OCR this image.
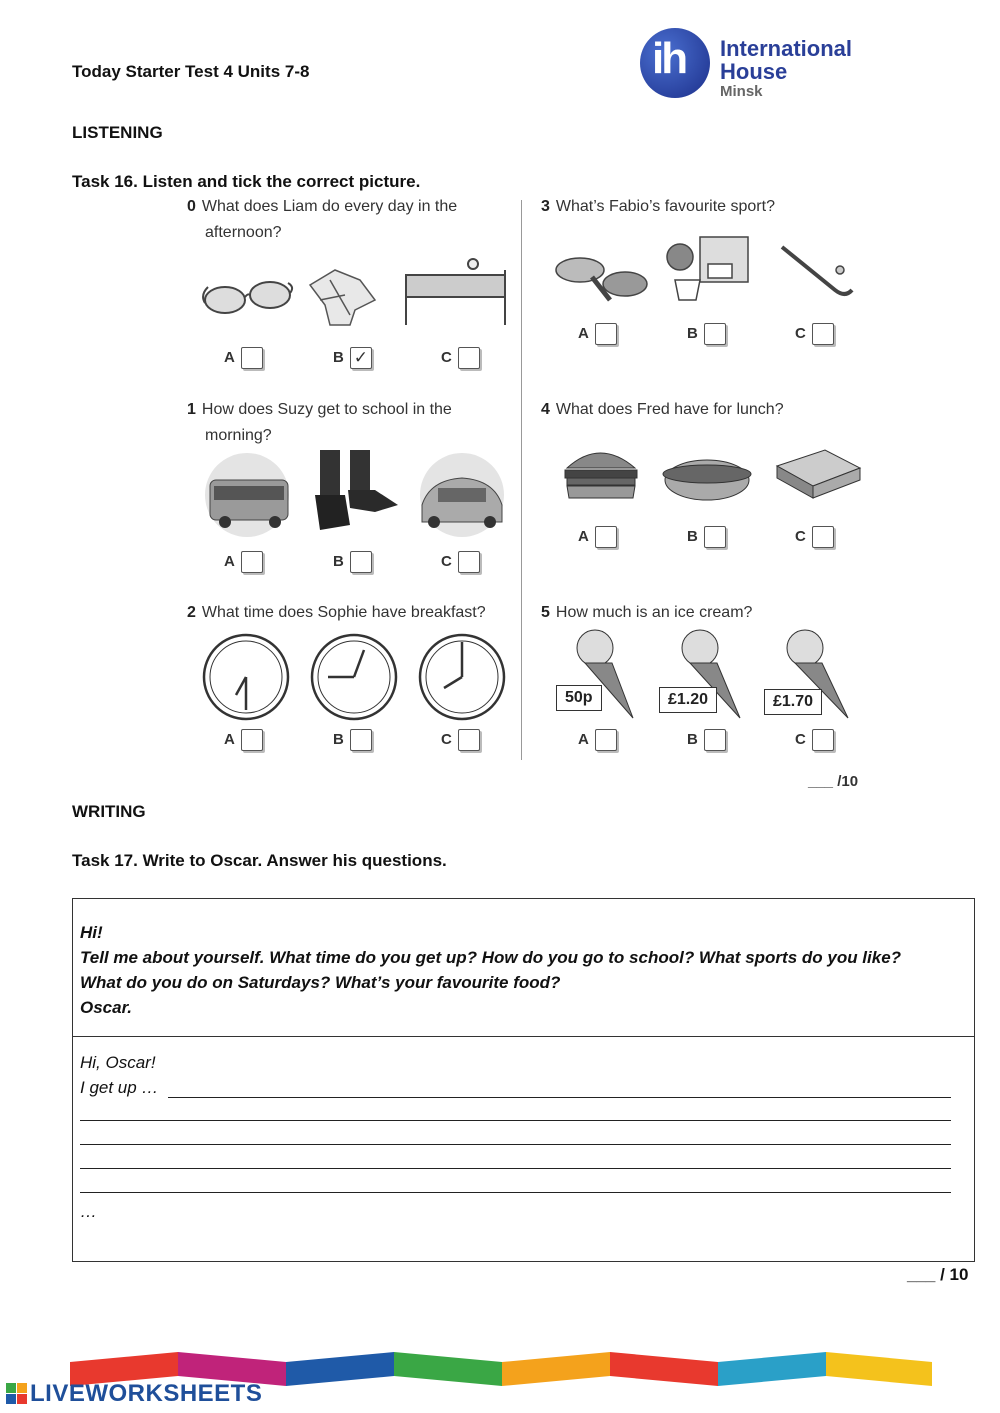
Today Starter Test 4 Units 7-8	ih International
House
Minsk
LISTENING
Task 16. Listen and tick the correct picture.
0 What does Liam do every day in the
afternoon?
A	B ✓	C
1 How does Suzy get to school in the
morning?
A	B	C
2 What time does Sophie have breakfast?
A	B	C
3 What’s Fabio’s favourite sport?
A	B	C
4 What does Fred have for lunch?
A	B	C
5 How much is an ice cream?
50p	£1.20	£1.70
A	B	C
___ /10
WRITING
Task 17. Write to Oscar. Answer his questions.
Hi!
Tell me about yourself. What time do you get up? How do you go to school? What sports do you like?
What do you do on Saturdays? What’s your favourite food?
Oscar.
Hi, Oscar!
I get up …
…
___ / 10
LIVEWORKSHEETS
